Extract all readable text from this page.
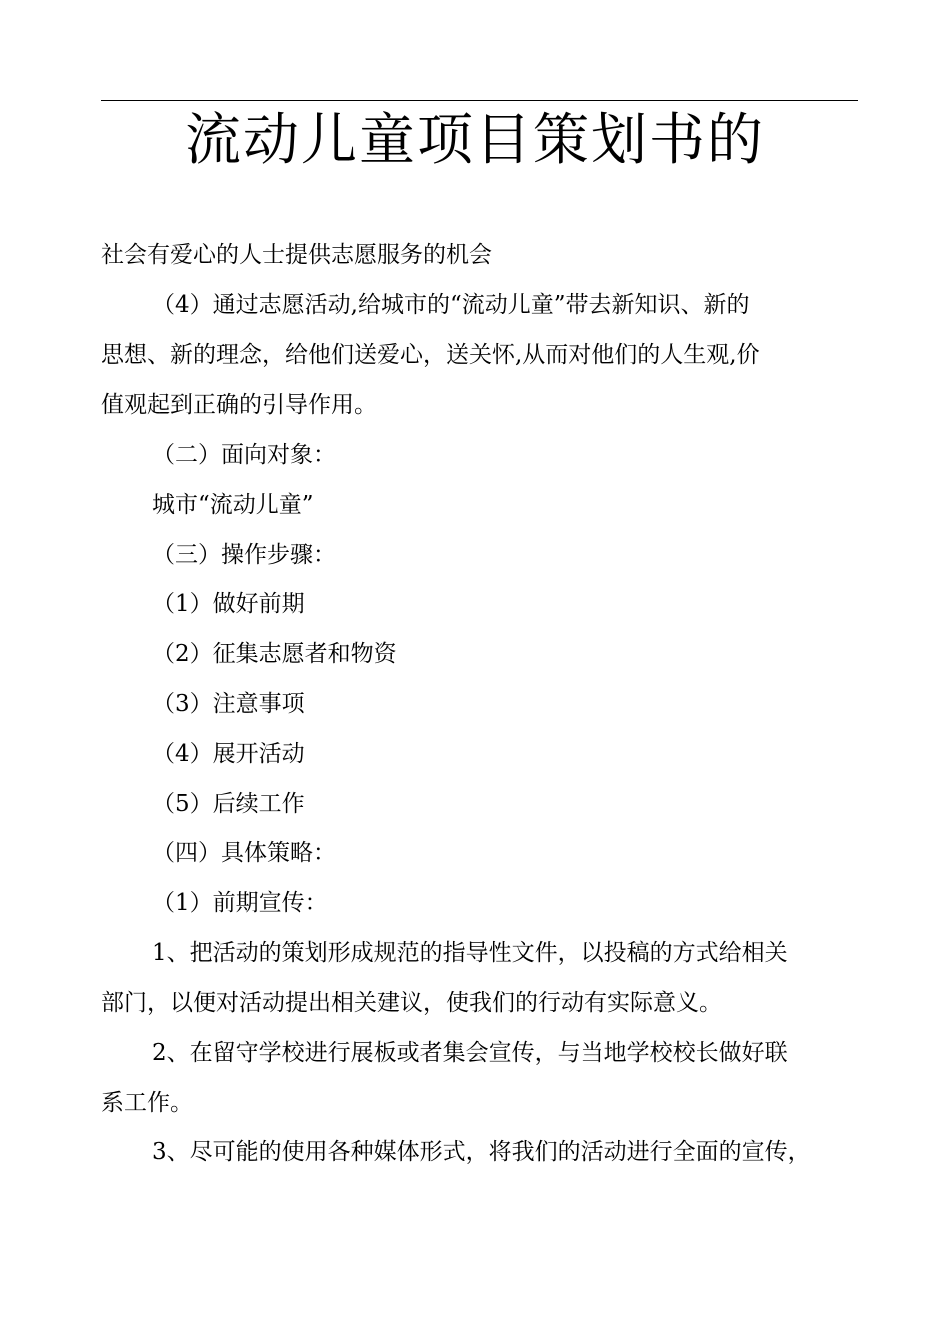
流动儿童项目策划书的
社会有爱心的人士提供志愿服务的机会
（4）通过志愿活动,给城市的“流动儿童”带去新知识、新的
思想、新的理念，给他们送爱心，送关怀,从而对他们的人生观,价
值观起到正确的引导作用。
（二）面向对象：
城市“流动儿童”
（三）操作步骤：
（1）做好前期
（2）征集志愿者和物资
（3）注意事项
（4）展开活动
（5）后续工作
（四）具体策略：
（1）前期宣传：
1、把活动的策划形成规范的指导性文件，以投稿的方式给相关
部门，以便对活动提出相关建议，使我们的行动有实际意义。
2、在留守学校进行展板或者集会宣传，与当地学校校长做好联
系工作。
3、尽可能的使用各种媒体形式，将我们的活动进行全面的宣传，
